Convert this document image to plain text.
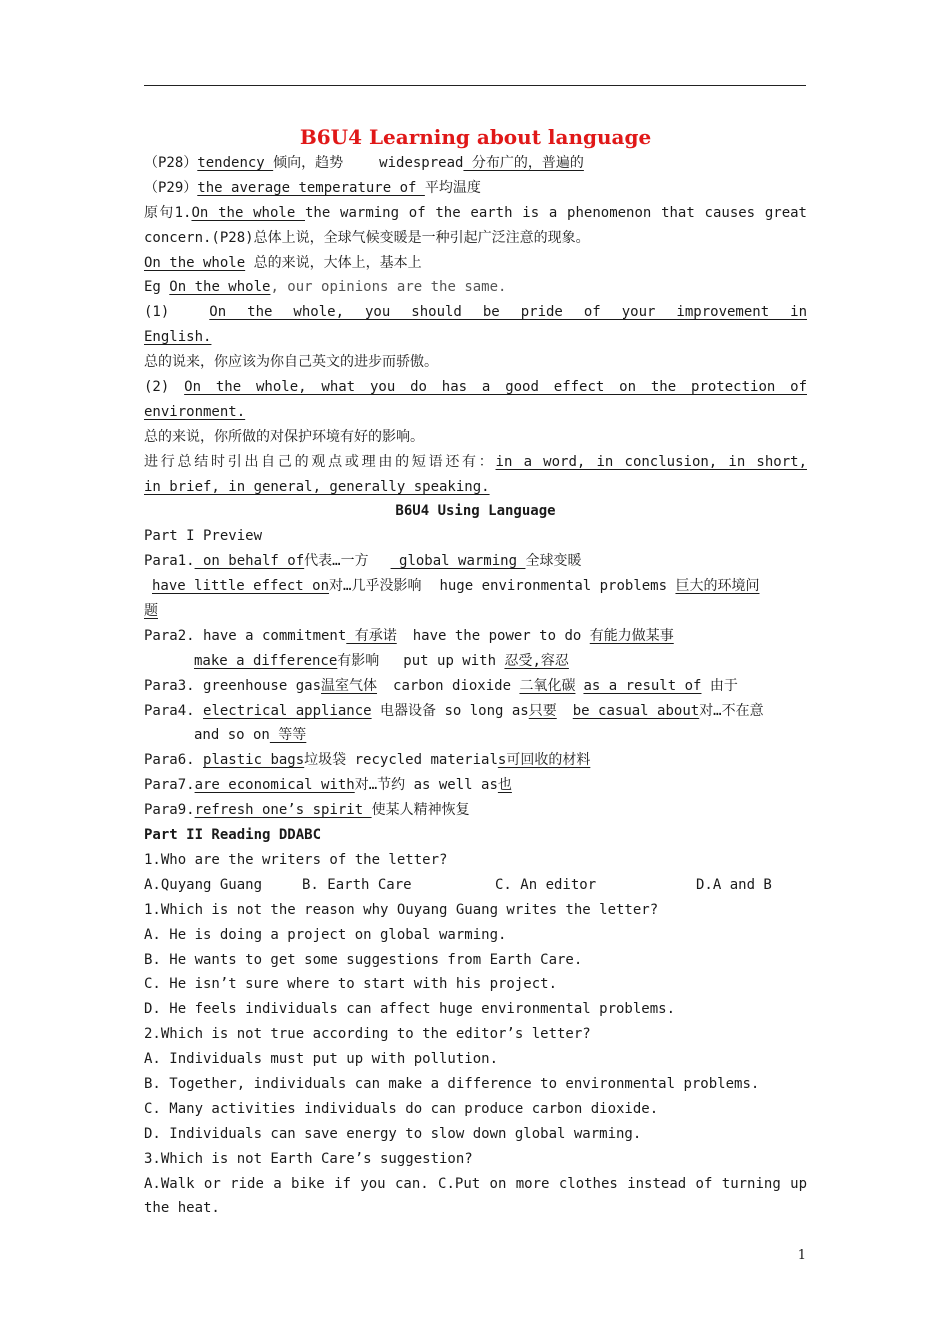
B6U4 Learning about language
（P28）tendency 倾向，趋势	widespread 分布广的，普遍的
（P29）the average temperature of 平均温度
原句1.On the whole the warming of the earth is a phenomenon that causes great
concern.(P28)总体上说，全球气候变暖是一种引起广泛注意的现象。
On the whole 总的来说，大体上，基本上
Eg On the whole, our opinions are the same.
(1)	On the whole, you should be pride of your improvement in
English.
总的说来，你应该为你自己英文的进步而骄傲。
(2) On the whole, what you do has a good effect on the protection of
environment.
总的来说，你所做的对保护环境有好的影响。
进行总结时引出自己的观点或理由的短语还有：in a word, in conclusion, in short,
in brief, in general, generally speaking.
B6U4 Using Language
Part I Preview
Para1. on behalf of代表…一方 global warming 全球变暖
have little effect on对…几乎没影响 huge environmental problems 巨大的环境问
题
Para2. have a commitment 有承诺 have the power to do 有能力做某事
make a difference有影响 put up with 忍受,容忍
Para3. greenhouse gas温室气体 carbon dioxide 二氧化碳 as a result of 由于
Para4. electrical appliance 电器设备 so long as只要 be casual about对…不在意
and so on 等等
Para6. plastic bags垃圾袋 recycled materials可回收的材料
Para7.are economical with对…节约 as well as也
Para9.refresh one’s spirit 使某人精神恢复
Part II Reading DDABC
1.Who are the writers of the letter?
A.Quyang Guang	B. Earth Care	C. An editor	D.A and B
1.Which is not the reason why Ouyang Guang writes the letter?
A. He is doing a project on global warming.
B. He wants to get some suggestions from Earth Care.
C. He isn’t sure where to start with his project.
D. He feels individuals can affect huge environmental problems.
2.Which is not true according to the editor’s letter?
A. Individuals must put up with pollution.
B. Together, individuals can make a difference to environmental problems.
C. Many activities individuals do can produce carbon dioxide.
D. Individuals can save energy to slow down global warming.
3.Which is not Earth Care’s suggestion?
A.Walk or ride a bike if you can. C.Put on more clothes instead of turning up
the heat.
1
